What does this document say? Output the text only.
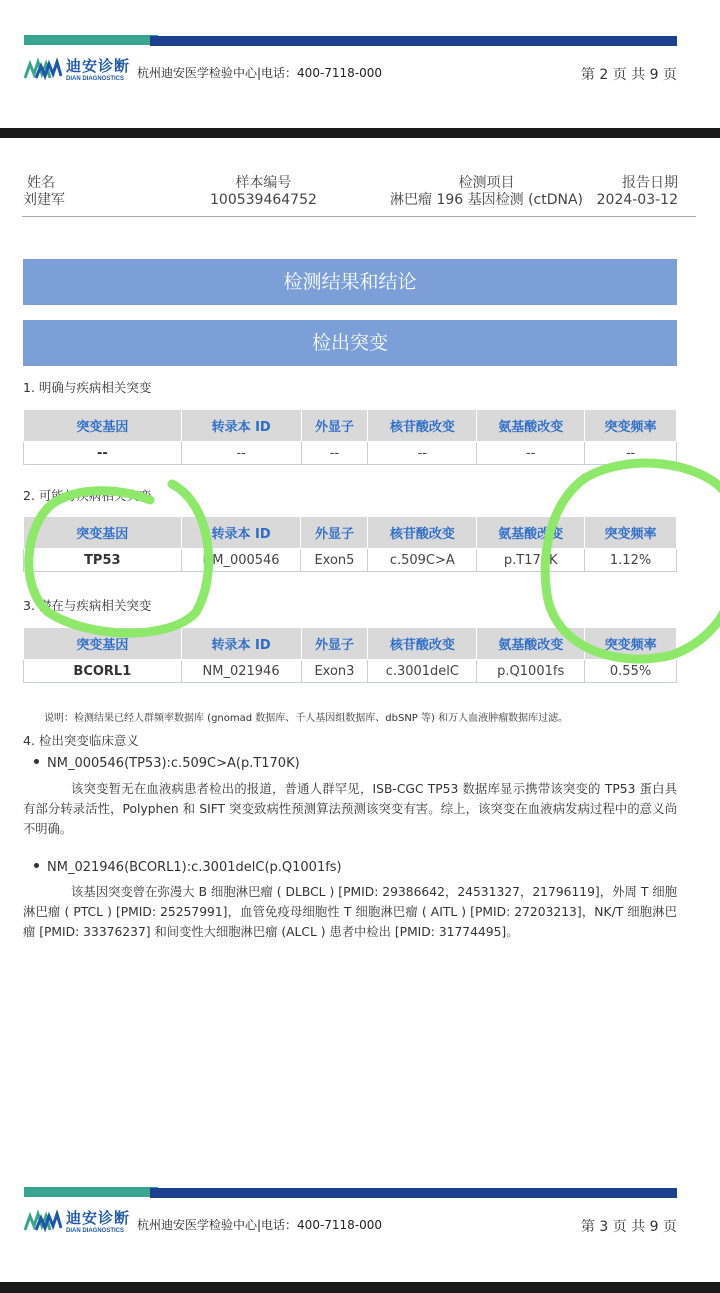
迪安诊断
DIAN DIAGNOSTICS	杭州迪安医学检验中心|电话：400-7118-000	第 2 页 共 9 页
姓名
刘建军
样本编号
100539464752
检测项目
淋巴瘤 196 基因检测 (ctDNA)
报告日期
2024-03-12
检测结果和结论
检出突变
1. 明确与疾病相关突变
突变基因	转录本 ID	外显子	核苷酸改变	氨基酸改变	突变频率
--	--	--	--	--	--
2. 可能与疾病相关突变
突变基因	转录本 ID	外显子	核苷酸改变	氨基酸改变	突变频率
TP53	NM_000546	Exon5	c.509C>A	p.T170K	1.12%
3. 潜在与疾病相关突变
突变基因	转录本 ID	外显子	核苷酸改变	氨基酸改变	突变频率
BCORL1	NM_021946	Exon3	c.3001delC	p.Q1001fs	0.55%
说明：检测结果已经人群频率数据库 (gnomad 数据库、千人基因组数据库、dbSNP 等) 和万人血液肿瘤数据库过滤。
4. 检出突变临床意义
NM_000546(TP53):c.509C>A(p.T170K)
该突变暂无在血液病患者检出的报道，普通人群罕见，ISB-CGC TP53 数据库显示携带该突变的 TP53 蛋白具有部分转录活性，Polyphen 和 SIFT 突变致病性预测算法预测该突变有害。综上，该突变在血液病发病过程中的意义尚不明确。
NM_021946(BCORL1):c.3001delC(p.Q1001fs)
该基因突变曾在弥漫大 B 细胞淋巴瘤 ( DLBCL ) [PMID: 29386642，24531327，21796119]，外周 T 细胞淋巴瘤 ( PTCL ) [PMID: 25257991]，血管免疫母细胞性 T 细胞淋巴瘤 ( AITL ) [PMID: 27203213]，NK/T 细胞淋巴瘤 [PMID: 33376237] 和间变性大细胞淋巴瘤 (ALCL ) 患者中检出 [PMID: 31774495]。
迪安诊断
DIAN DIAGNOSTICS	杭州迪安医学检验中心|电话：400-7118-000	第 3 页 共 9 页
